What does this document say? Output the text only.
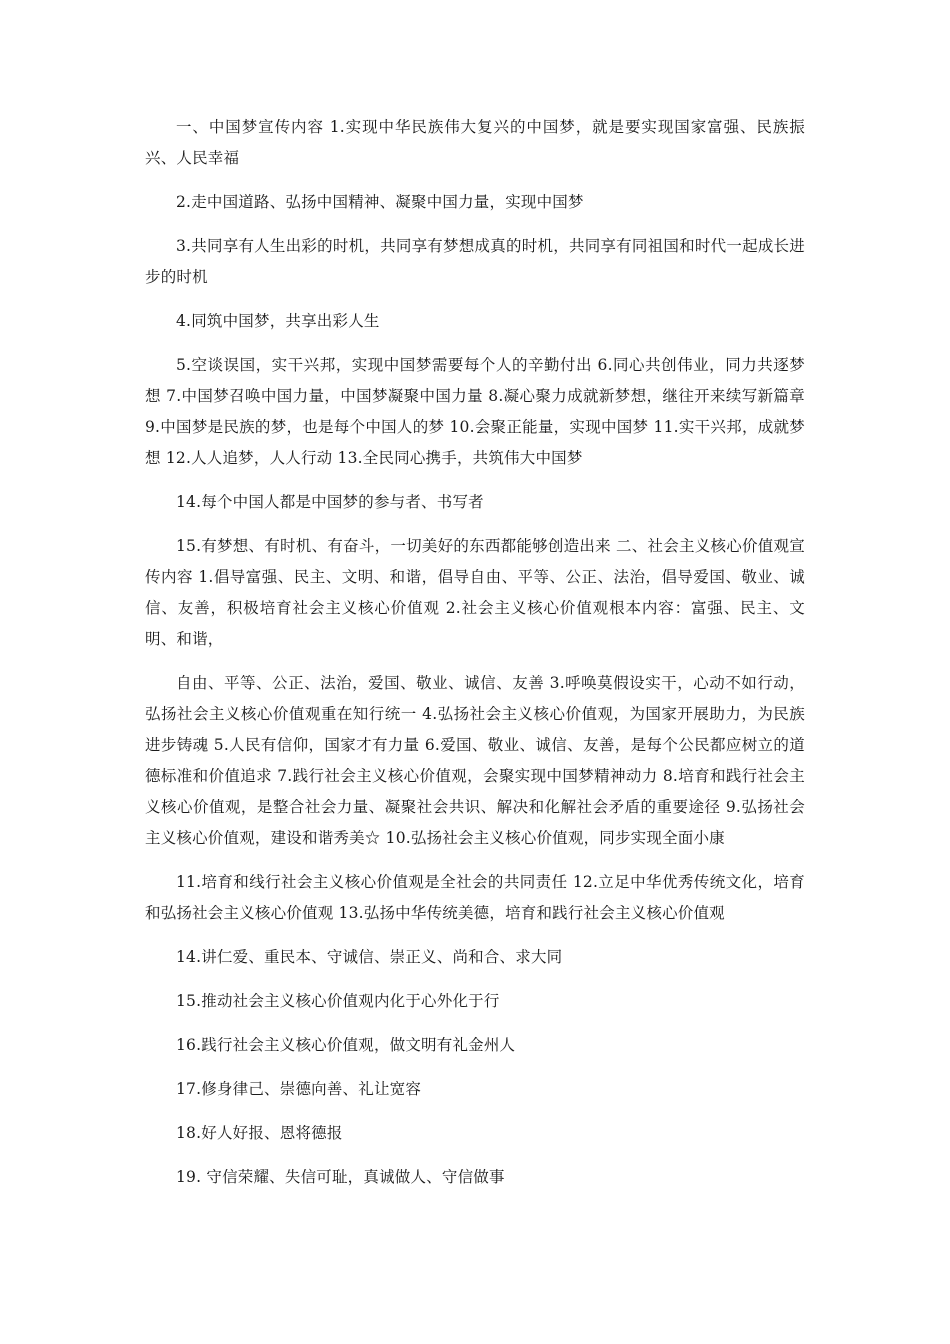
一、中国梦宣传内容 1.实现中华民族伟大复兴的中国梦，就是要实现国家富强、民族振兴、人民幸福

2.走中国道路、弘扬中国精神、凝聚中国力量，实现中国梦

3.共同享有人生出彩的时机，共同享有梦想成真的时机，共同享有同祖国和时代一起成长进步的时机

4.同筑中国梦，共享出彩人生

5.空谈误国，实干兴邦，实现中国梦需要每个人的辛勤付出 6.同心共创伟业，同力共逐梦想 7.中国梦召唤中国力量，中国梦凝聚中国力量 8.凝心聚力成就新梦想，继往开来续写新篇章 9.中国梦是民族的梦，也是每个中国人的梦 10.会聚正能量，实现中国梦 11.实干兴邦，成就梦想 12.人人追梦，人人行动 13.全民同心携手，共筑伟大中国梦

14.每个中国人都是中国梦的参与者、书写者

15.有梦想、有时机、有奋斗，一切美好的东西都能够创造出来 二、社会主义核心价值观宣传内容 1.倡导富强、民主、文明、和谐，倡导自由、平等、公正、法治，倡导爱国、敬业、诚信、友善，积极培育社会主义核心价值观 2.社会主义核心价值观根本内容：富强、民主、文明、和谐，

自由、平等、公正、法治，爱国、敬业、诚信、友善 3.呼唤莫假设实干，心动不如行动，弘扬社会主义核心价值观重在知行统一 4.弘扬社会主义核心价值观，为国家开展助力，为民族进步铸魂 5.人民有信仰，国家才有力量 6.爱国、敬业、诚信、友善，是每个公民都应树立的道德标准和价值追求 7.践行社会主义核心价值观，会聚实现中国梦精神动力 8.培育和践行社会主义核心价值观，是整合社会力量、凝聚社会共识、解决和化解社会矛盾的重要途径 9.弘扬社会主义核心价值观，建设和谐秀美☆ 10.弘扬社会主义核心价值观，同步实现全面小康

11.培育和线行社会主义核心价值观是全社会的共同责任 12.立足中华优秀传统文化，培育和弘扬社会主义核心价值观 13.弘扬中华传统美德，培育和践行社会主义核心价值观

14.讲仁爱、重民本、守诚信、崇正义、尚和合、求大同

15.推动社会主义核心价值观内化于心外化于行

16.践行社会主义核心价值观，做文明有礼金州人

17.修身律己、崇德向善、礼让宽容

18.好人好报、恩将德报

19. 守信荣耀、失信可耻，真诚做人、守信做事
